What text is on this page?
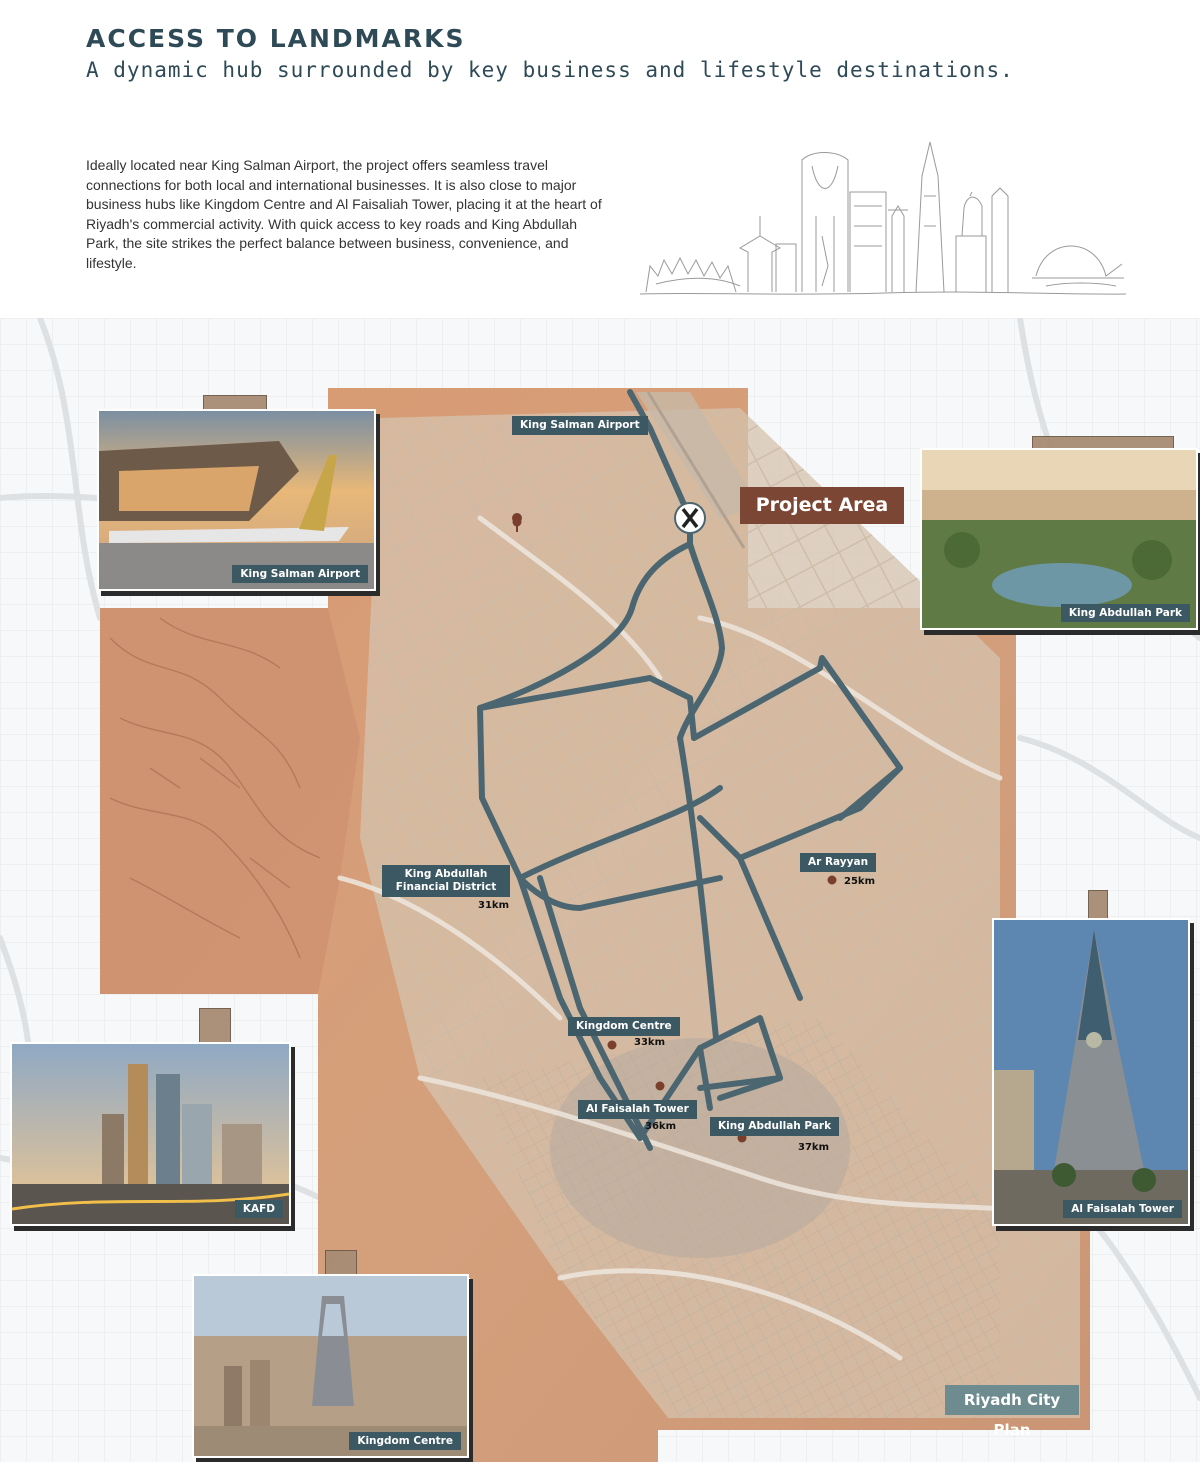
ACCESS TO LANDMARKS
A dynamic hub surrounded by key business and lifestyle destinations.
Ideally located near King Salman Airport, the project offers seamless travel connections for both local and international businesses. It is also close to major business hubs like Kingdom Centre and Al Faisaliah Tower, placing it at the heart of Riyadh's commercial activity. With quick access to key roads and King Abdullah Park, the site strikes the perfect balance between business, convenience, and lifestyle.
King Salman Airport
King Abdullah
Financial District
31km
Ar Rayyan
25km
Kingdom Centre
33km
Al Faisalah Tower
36km	King Abdullah Park
37km
Project Area
Riyadh City Plan
King Salman Airport
King Abdullah Park
KAFD	Al Faisalah Tower
Kingdom Centre
